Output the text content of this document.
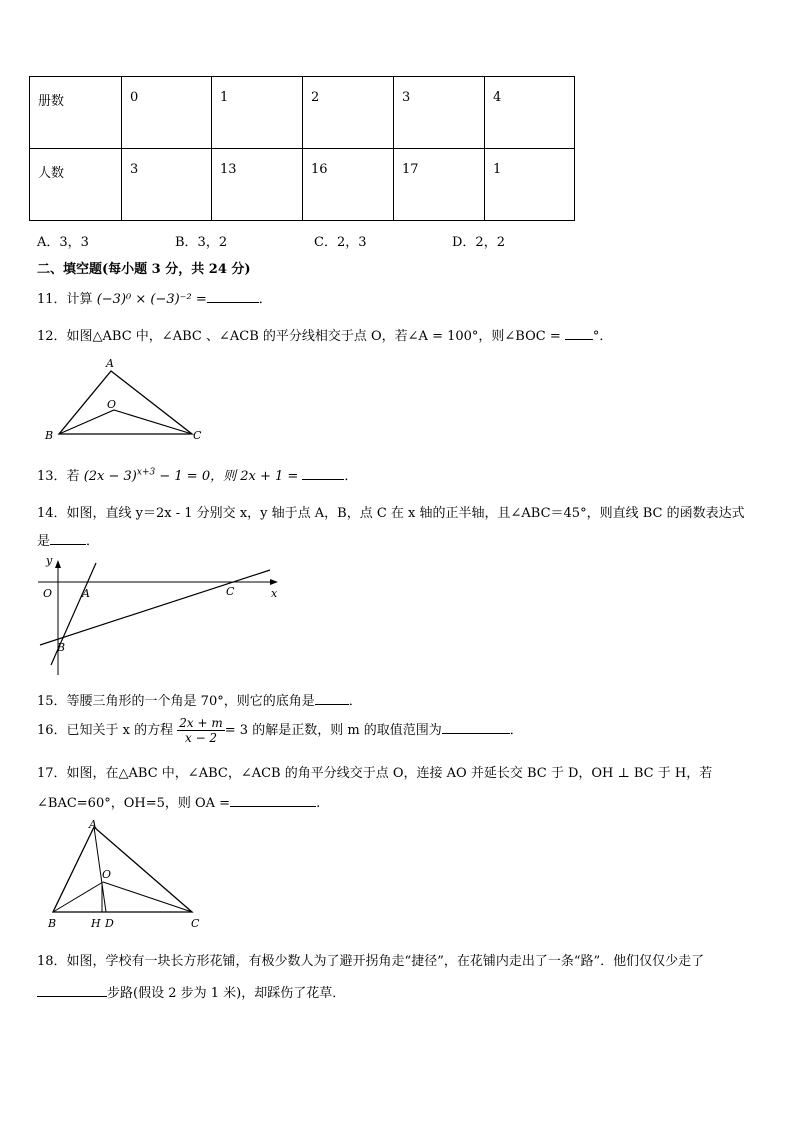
册数	0	1	2	3	4
人数	3	13	16	17	1
A．3，3	B．3，2	C．2，3	D．2，2
二、填空题(每小题 3 分，共 24 分)
11．计算 (−3)⁰ × (−3)⁻² =	．
12．如图△ABC 中，∠ABC 、∠ACB 的平分线相交于点 O，若∠A = 100°，则∠BOC = °．
A
O
B	C
13．若 $(2x - 3)^{x+3} - 1 = 0$，则 2x + 1 =	．
14．如图，直线 y＝2x - 1 分别交 x，y 轴于点 A，B，点 C 在 x 轴的正半轴，且∠ABC＝45°，则直线 BC 的函数表达式
是	．
y
x
O	A	C
B
15．等腰三角形的一个角是 70°，则它的底角是	．
16．已知关于 x 的方程 $\frac{2x + m}{x - 2} = 3$ 的解是正数，则 m 的取值范围为	．
17．如图，在△ABC 中，∠ABC，∠ACB 的角平分线交于点 O，连接 AO 并延长交 BC 于 D，OH ⊥ BC 于 H，若
∠BAC=60°，OH=5，则 OA =	.
A
O
B	H D	C
18．如图，学校有一块长方形花铺，有极少数人为了避开拐角走“捷径”，在花铺内走出了一条“路”．他们仅仅少走了
步路(假设 2 步为 1 米)，却踩伤了花草．
